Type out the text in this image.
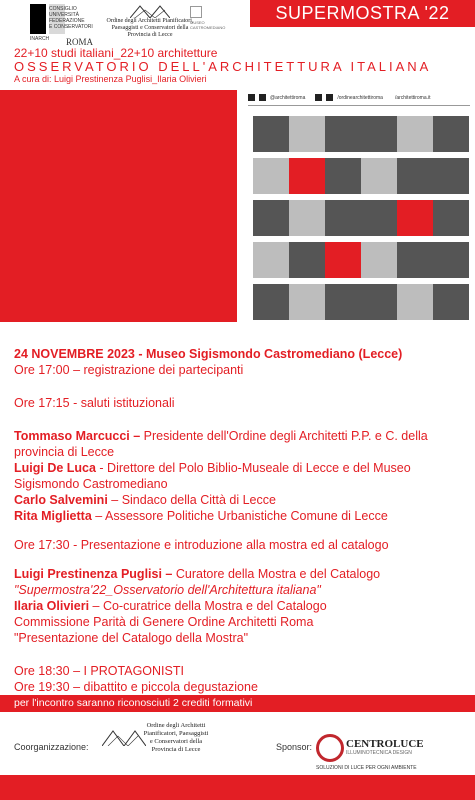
INARCH
CONSIGLIO
UNIVERSITÀ
FEDERAZIONE
E CONSERVATORI
ROMA
Ordine degli Architetti Pianificatori, Paesaggisti e Conservatori della Provincia di Lecce
MUSEO CASTROMEDIANO
SUPERMOSTRA '22
22+10 studi italiani_22+10 architetture
OSSERVATORIO DELL'ARCHITETTURA ITALIANA
A cura di: Luigi Prestinenza Puglisi_Ilaria Olivieri
@architettiroma	/ordinearchitettiroma /architettiroma.it

24 NOVEMBRE 2023 - Museo Sigismondo Castromediano (Lecce)

Ore 17:00 – registrazione dei partecipanti

Ore 17:15 - saluti istituzionali

Tommaso Marcucci – Presidente dell'Ordine degli Architetti P.P. e C. della provincia di Lecce

Luigi De Luca - Direttore del Polo Biblio-Museale di Lecce e del Museo Sigismondo Castromediano

Carlo Salvemini – Sindaco della Città di Lecce

Rita Miglietta – Assessore Politiche Urbanistiche Comune di Lecce

Ore 17:30 - Presentazione e introduzione alla mostra ed al catalogo

Luigi Prestinenza Puglisi – Curatore della Mostra e del Catalogo

"Supermostra'22_Osservatorio dell'Architettura italiana"

Ilaria Olivieri – Co-curatrice della Mostra e del Catalogo

Commissione Parità di Genere Ordine Architetti Roma

"Presentazione del Catalogo della Mostra"

Ore 18:30 – I PROTAGONISTI

Ore 19:30 – dibattito e piccola degustazione

per l'incontro saranno riconosciuti 2 crediti formativi
Coorganizzazione:
Ordine degli Architetti Pianificatori, Paesaggisti e Conservatori della Provincia di Lecce	Sponsor:	CENTROLUCE
ILLUMINOTECNICA DESIGN
SOLUZIONI DI LUCE PER OGNI AMBIENTE
